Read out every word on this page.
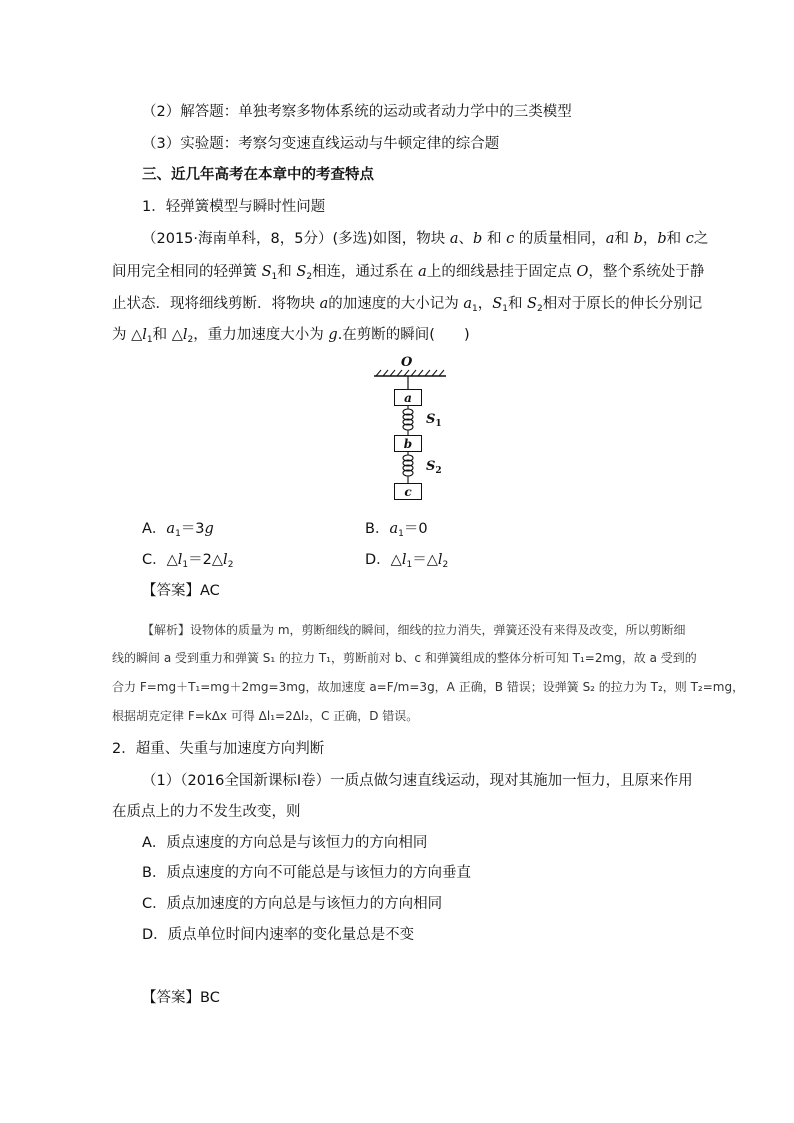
（2）解答题：单独考察多物体系统的运动或者动力学中的三类模型
（3）实验题：考察匀变速直线运动与牛顿定律的综合题
三、近几年高考在本章中的考查特点
1．轻弹簧模型与瞬时性问题
（2015·海南单科，8，5分）(多选)如图，物块 a、b 和 c 的质量相同，a和 b，b和 c之
间用完全相同的轻弹簧 $S_1$和 $S_2$相连，通过系在 a上的细线悬挂于固定点 O，整个系统处于静
止状态．现将细线剪断．将物块 a的加速度的大小记为 $a_1$，$S_1$和 $S_2$相对于原长的伸长分别记
为 $\triangle l_1$和 $\triangle l_2$，重力加速度大小为 g.在剪断的瞬间(　　)
O
a
$S_1$
b
$S_2$
c
A．$a_1=3g$	B．$a_1=0$
C．$\triangle l_1=2\triangle l_2$	D．$\triangle l_1=\triangle l_2$
【答案】AC
【解析】设物体的质量为 m，剪断细线的瞬间，细线的拉力消失，弹簧还没有来得及改变，所以剪断细
线的瞬间 a 受到重力和弹簧 S₁ 的拉力 T₁，剪断前对 b、c 和弹簧组成的整体分析可知 T₁=2mg，故 a 受到的
合力 F=mg＋T₁=mg＋2mg=3mg，故加速度 a=F/m=3g，A 正确，B 错误；设弹簧 S₂ 的拉力为 T₂，则 T₂=mg，
根据胡克定律 F=kΔx 可得 Δl₁=2Δl₂，C 正确，D 错误。
2．超重、失重与加速度方向判断
（1）（2016全国新课标Ⅰ卷）一质点做匀速直线运动，现对其施加一恒力，且原来作用
在质点上的力不发生改变，则
A．质点速度的方向总是与该恒力的方向相同
B．质点速度的方向不可能总是与该恒力的方向垂直
C．质点加速度的方向总是与该恒力的方向相同
D．质点单位时间内速率的变化量总是不变
【答案】BC
